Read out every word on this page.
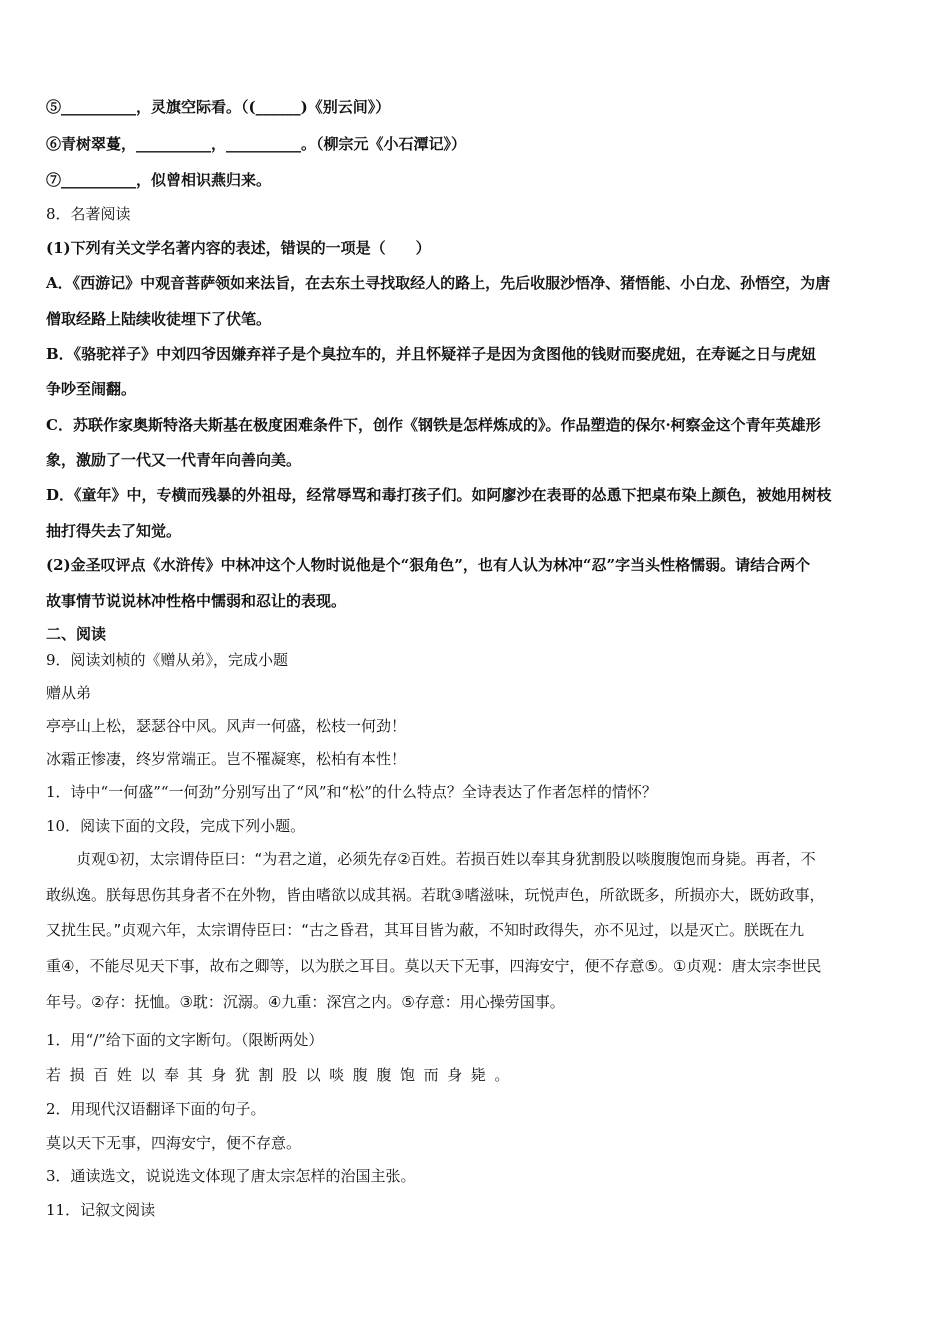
⑤__________，灵旗空际看。（(______)《别云间》）

⑥青树翠蔓，__________，__________。（柳宗元《小石潭记》）

⑦__________，似曾相识燕归来。

8．名著阅读

(1)下列有关文学名著内容的表述，错误的一项是（　　）

A．《西游记》中观音菩萨领如来法旨，在去东土寻找取经人的路上，先后收服沙悟净、猪悟能、小白龙、孙悟空，为唐

僧取经路上陆续收徒埋下了伏笔。

B．《骆驼祥子》中刘四爷因嫌弃祥子是个臭拉车的，并且怀疑祥子是因为贪图他的钱财而娶虎妞，在寿诞之日与虎妞

争吵至闹翻。

C．苏联作家奥斯特洛夫斯基在极度困难条件下，创作《钢铁是怎样炼成的》。作品塑造的保尔·柯察金这个青年英雄形

象，激励了一代又一代青年向善向美。

D．《童年》中，专横而残暴的外祖母，经常辱骂和毒打孩子们。如阿廖沙在表哥的怂恿下把桌布染上颜色，被她用树枝

抽打得失去了知觉。

(2)金圣叹评点《水浒传》中林冲这个人物时说他是个“狠角色”，也有人认为林冲“忍”字当头性格懦弱。请结合两个

故事情节说说林冲性格中懦弱和忍让的表现。

二、阅读

9．阅读刘桢的《赠从弟》，完成小题

赠从弟

亭亭山上松，瑟瑟谷中风。风声一何盛，松枝一何劲！

冰霜正惨凄，终岁常端正。岂不罹凝寒，松柏有本性！

1．诗中“一何盛”“一何劲”分别写出了“风”和“松”的什么特点？全诗表达了作者怎样的情怀？

10．阅读下面的文段，完成下列小题。

贞观①初，太宗谓侍臣曰：“为君之道，必须先存②百姓。若损百姓以奉其身犹割股以啖腹腹饱而身毙。再者，不

敢纵逸。朕每思伤其身者不在外物，皆由嗜欲以成其祸。若耽③嗜滋味，玩悦声色，所欲既多，所损亦大，既妨政事，

又扰生民。”贞观六年，太宗谓侍臣曰：“古之昏君，其耳目皆为蔽，不知时政得失，亦不见过，以是灭亡。朕既在九

重④，不能尽见天下事，故布之卿等，以为朕之耳目。莫以天下无事，四海安宁，便不存意⑤。①贞观：唐太宗李世民

年号。②存：抚恤。③耽：沉溺。④九重：深宫之内。⑤存意：用心操劳国事。

1．用“/”给下面的文字断句。（限断两处）

若损百姓以奉其身犹割股以啖腹腹饱而身毙。

2．用现代汉语翻译下面的句子。

莫以天下无事，四海安宁，便不存意。

3．通读选文，说说选文体现了唐太宗怎样的治国主张。

11．记叙文阅读
